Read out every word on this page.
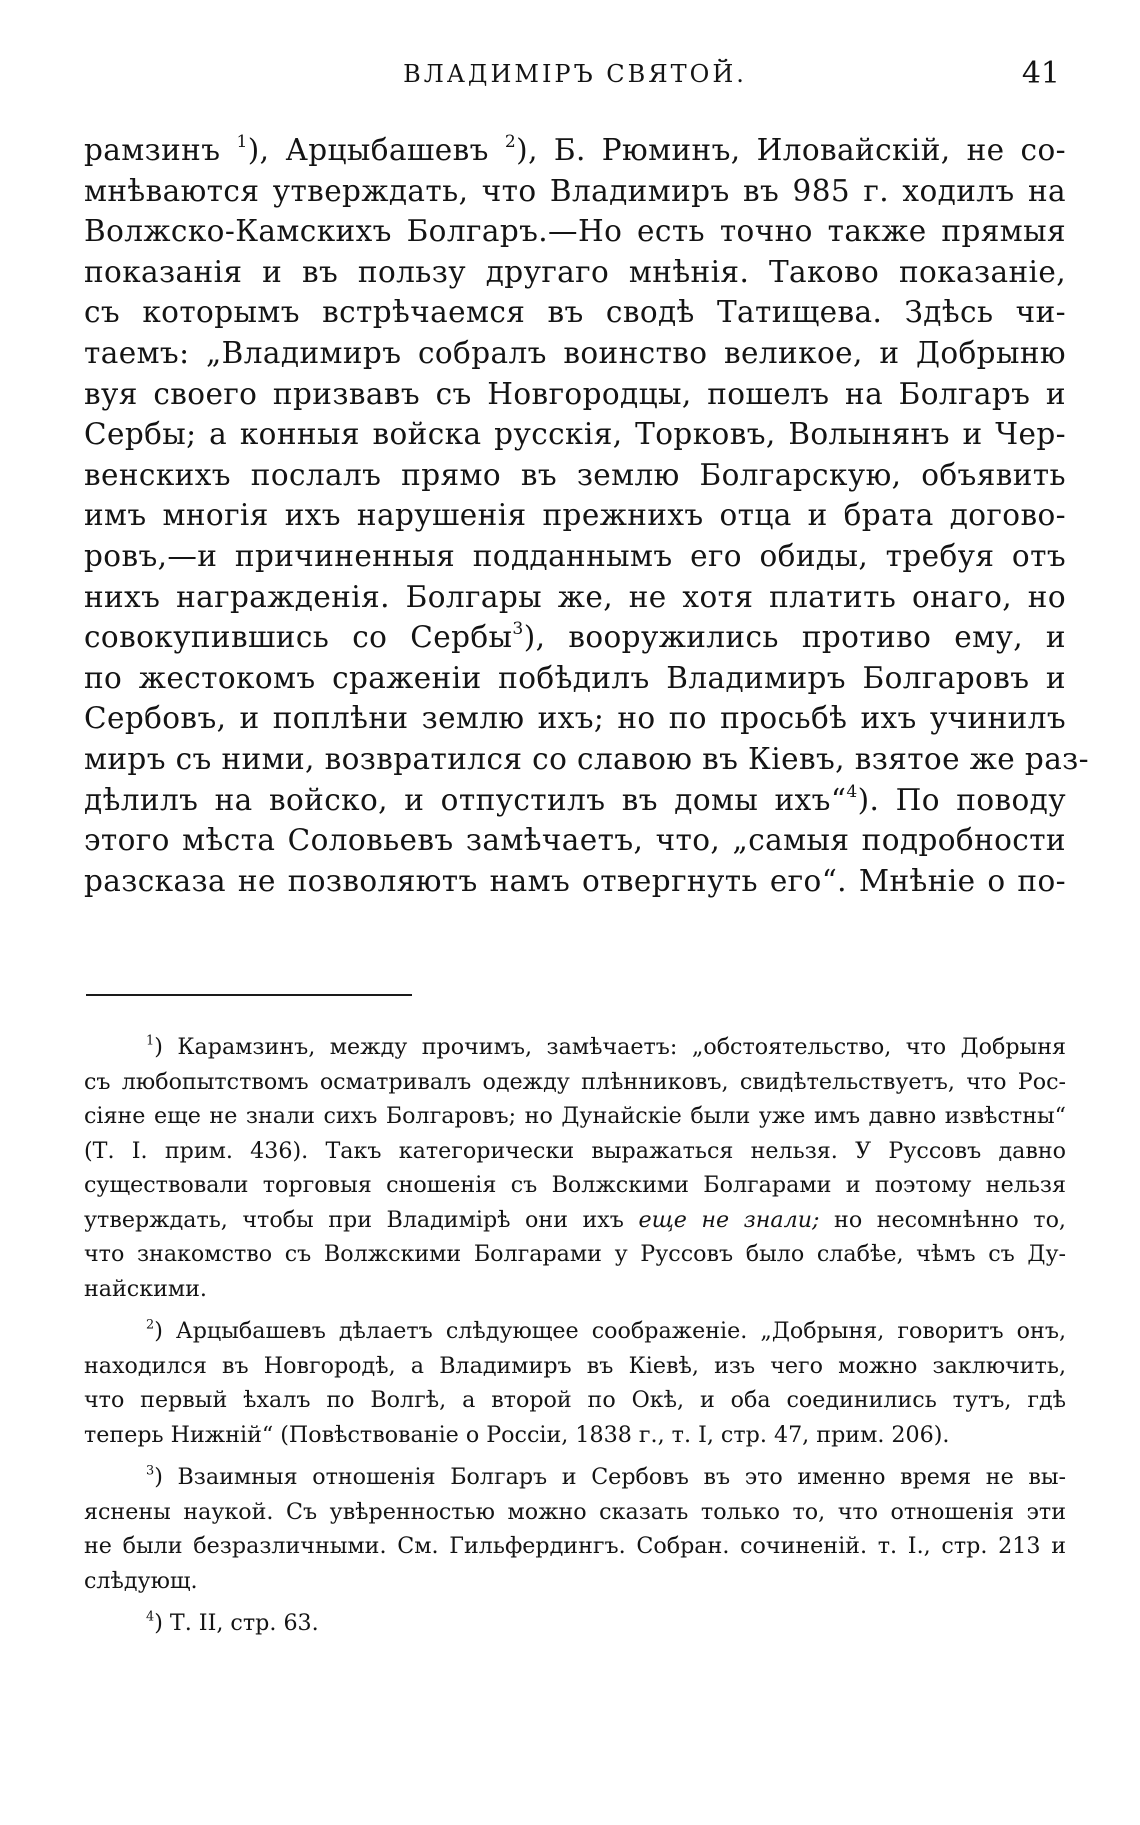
ВЛАДИМІРЪ СВЯТОЙ.	41
рамзинъ $^1$), Арцыбашевъ $^2$), Б. Рюминъ, Иловайскій, не со-
мнѣваются утверждать, что Владимиръ въ 985 г. ходилъ на
Волжско-Камскихъ Болгаръ.—Но есть точно также прямыя
показанія и въ пользу другаго мнѣнія. Таково показаніе,
съ которымъ встрѣчаемся въ сводѣ Татищева. Здѣсь чи-
таемъ: „Владимиръ собралъ воинство великое, и Добрыню
вуя своего призвавъ съ Новгородцы, пошелъ на Болгаръ и
Сербы; а конныя войска русскія, Торковъ, Волынянъ и Чер-
венскихъ послалъ прямо въ землю Болгарскую, объявить
имъ многія ихъ нарушенія прежнихъ отца и брата догово-
ровъ,—и причиненныя подданнымъ его обиды, требуя отъ
нихъ награжденія. Болгары же, не хотя платить онаго, но
совокупившись со Сербы$^3$), вооружились противо ему, и
по жестокомъ сраженіи побѣдилъ Владимиръ Болгаровъ и
Сербовъ, и поплѣни землю ихъ; но по просьбѣ ихъ учинилъ
миръ съ ними, возвратился со славою въ Кіевъ, взятое же раз-
дѣлилъ на войско, и отпустилъ въ домы ихъ“$^4$). По поводу
этого мѣста Соловьевъ замѣчаетъ, что, „самыя подробности
разсказа не позволяютъ намъ отвергнуть его“. Мнѣніе о по-
$^1$) Карамзинъ, между прочимъ, замѣчаетъ: „обстоятельство, что Добрыня
съ любопытствомъ осматривалъ одежду плѣнниковъ, свидѣтельствуетъ, что Рос-
сіяне еще не знали сихъ Болгаровъ; но Дунайскіе были уже имъ давно извѣстны“
(Т. I. прим. 436). Такъ категорически выражаться нельзя. У Руссовъ давно
существовали торговыя сношенія съ Волжскими Болгарами и поэтому нельзя
утверждать, чтобы при Владимірѣ они ихъ еще не знали; но несомнѣнно то,
что знакомство съ Волжскими Болгарами у Руссовъ было слабѣе, чѣмъ съ Ду-
найскими.
$^2$) Арцыбашевъ дѣлаетъ слѣдующее соображеніе. „Добрыня, говоритъ онъ,
находился въ Новгородѣ, а Владимиръ въ Кіевѣ, изъ чего можно заключить,
что первый ѣхалъ по Волгѣ, а второй по Окѣ, и оба соединились тутъ, гдѣ
теперь Нижній“ (Повѣствованіе о Россіи, 1838 г., т. I, стр. 47, прим. 206).
$^3$) Взаимныя отношенія Болгаръ и Сербовъ въ это именно время не вы-
яснены наукой. Съ увѣренностью можно сказать только то, что отношенія эти
не были безразличными. См. Гильфердингъ. Собран. сочиненій. т. I., стр. 213 и
слѣдующ.
$^4$) Т. II, стр. 63.
